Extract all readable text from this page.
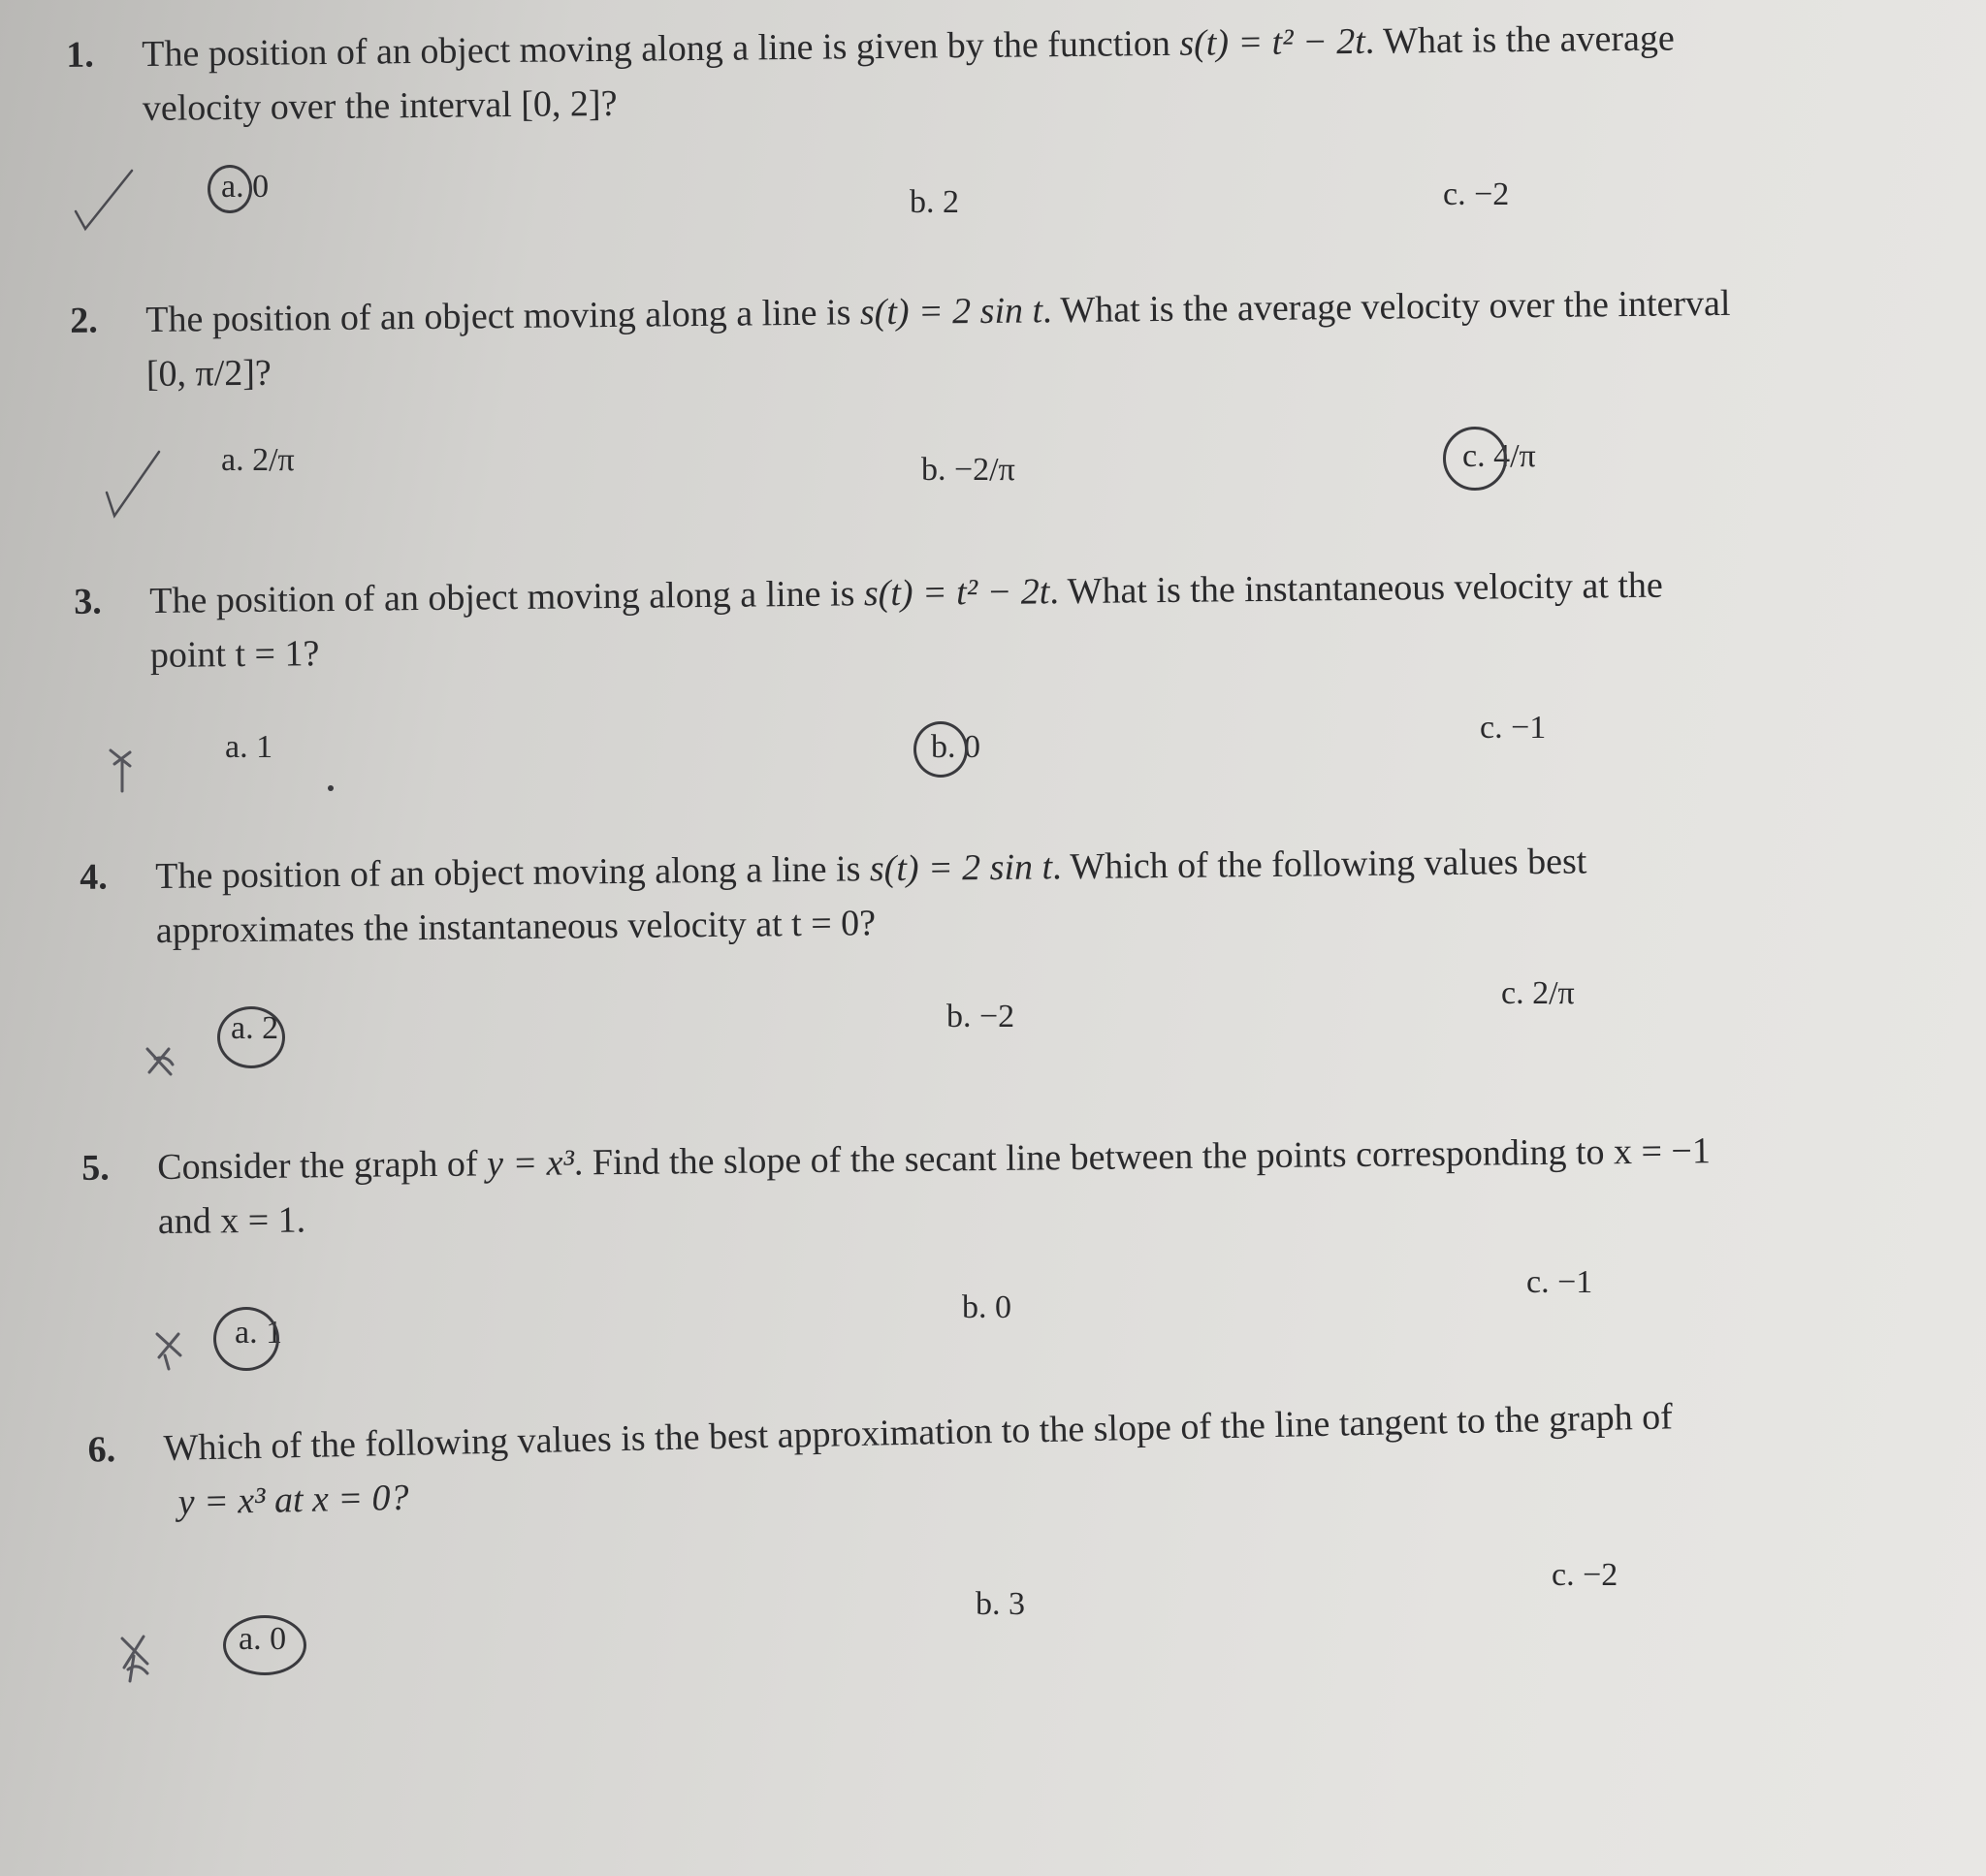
1. The position of an object moving along a line is given by the function s(t) = t² − 2t. What is the average
velocity over the interval [0, 2]?
a. 0	b. 2	c. −2
2. The position of an object moving along a line is s(t) = 2 sin t. What is the average velocity over the interval
[0, π/2]?
a. 2/π	b. −2/π	c. 4/π
3. The position of an object moving along a line is s(t) = t² − 2t. What is the instantaneous velocity at the
point t = 1?
a. 1	b. 0
c. −1
4. The position of an object moving along a line is s(t) = 2 sin t. Which of the following values best
approximates the instantaneous velocity at t = 0?
a. 2	b. −2
c. 2/π
5. Consider the graph of y = x³. Find the slope of the secant line between the points corresponding to x = −1
and x = 1.
a. 1
b. 0
c. −1
6. Which of the following values is the best approximation to the slope of the line tangent to the graph of
y = x³ at x = 0?
a. 0
b. 3
c. −2
